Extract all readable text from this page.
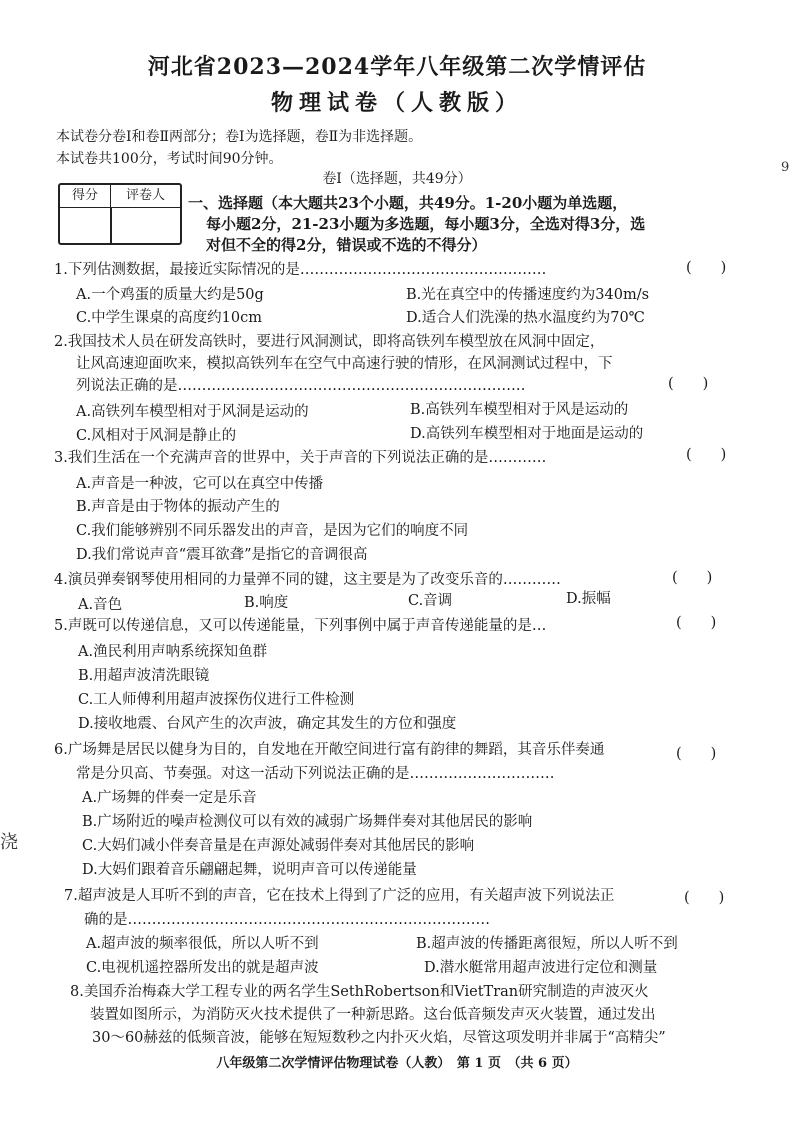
河北省2023—2024学年八年级第二次学情评估
物理试卷（人教版）
本试卷分卷Ⅰ和卷Ⅱ两部分；卷Ⅰ为选择题，卷Ⅱ为非选择题。
本试卷共100分，考试时间90分钟。
卷Ⅰ（选择题，共49分）
得分	评卷人	一、选择题（本大题共23个小题，共49分。1-20小题为单选题，
每小题2分，21-23小题为多选题，每小题3分，全选对得3分，选
对但不全的得2分，错误或不选的不得分）
1.下列估测数据，最接近实际情况的是……………………………………………	(　　)
A.一个鸡蛋的质量大约是50g	B.光在真空中的传播速度约为340m/s
C.中学生课桌的高度约10cm	D.适合人们洗澡的热水温度约为70℃
2.我国技术人员在研发高铁时，要进行风洞测试，即将高铁列车模型放在风洞中固定，
让风高速迎面吹来，模拟高铁列车在空气中高速行驶的情形，在风洞测试过程中，下
列说法正确的是………………………………………………………………	(　　)
A.高铁列车模型相对于风洞是运动的	B.高铁列车模型相对于风是运动的
C.风相对于风洞是静止的	D.高铁列车模型相对于地面是运动的
3.我们生活在一个充满声音的世界中，关于声音的下列说法正确的是…………	(　　)
A.声音是一种波，它可以在真空中传播
B.声音是由于物体的振动产生的
C.我们能够辨别不同乐器发出的声音，是因为它们的响度不同
D.我们常说声音“震耳欲聋”是指它的音调很高
4.演员弹奏钢琴使用相同的力量弹不同的键，这主要是为了改变乐音的…………	(　　)
A.音色	B.响度	C.音调	D.振幅
5.声既可以传递信息，又可以传递能量，下列事例中属于声音传递能量的是…	(　　)
A.渔民利用声呐系统探知鱼群
B.用超声波清洗眼镜
C.工人师傅利用超声波探伤仪进行工件检测
D.接收地震、台风产生的次声波，确定其发生的方位和强度
6.广场舞是居民以健身为目的，自发地在开敞空间进行富有韵律的舞蹈，其音乐伴奏通
常是分贝高、节奏强。对这一活动下列说法正确的是…………………………
(　　)
A.广场舞的伴奏一定是乐音
B.广场附近的噪声检测仪可以有效的减弱广场舞伴奏对其他居民的影响
C.大妈们减小伴奏音量是在声源处减弱伴奏对其他居民的影响
D.大妈们跟着音乐翩翩起舞，说明声音可以传递能量
7.超声波是人耳听不到的声音，它在技术上得到了广泛的应用，有关超声波下列说法正
确的是…………………………………………………………………
(　　)
A.超声波的频率很低，所以人听不到	B.超声波的传播距离很短，所以人听不到
C.电视机遥控器所发出的就是超声波	D.潜水艇常用超声波进行定位和测量
8.美国乔治梅森大学工程专业的两名学生SethRobertson和VietTran研究制造的声波灭火
装置如图所示，为消防灭火技术提供了一种新思路。这台低音频发声灭火装置，通过发出
30～60赫兹的低频音波，能够在短短数秒之内扑灭火焰，尽管这项发明并非属于“高精尖”
八年级第二次学情评估物理试卷（人教）　第 1 页　（共 6 页）
9
浇
